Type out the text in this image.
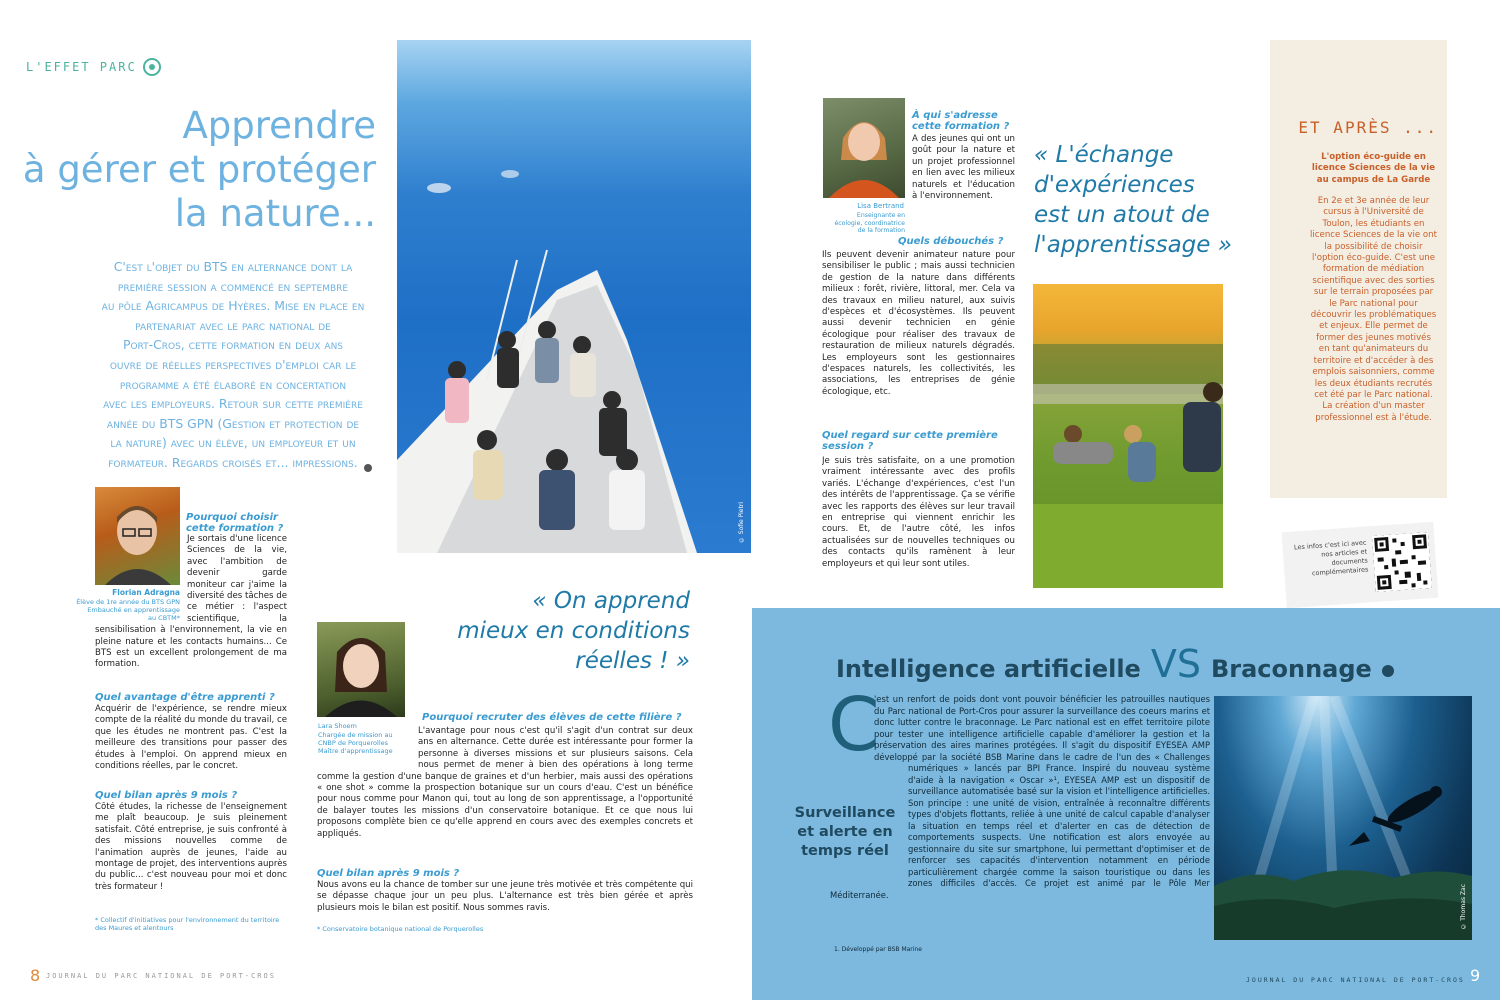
L'EFFET PARC
Apprendre
à gérer et protéger
la nature...
C'est l'objet du BTS en alternance dont la
première session a commencé en septembre
au pôle Agricampus de Hyères. Mise en place en
partenariat avec le parc national de
Port-Cros, cette formation en deux ans
ouvre de réelles perspectives d'emploi car le
programme a été élaboré en concertation
avec les employeurs. Retour sur cette première
année du BTS GPN (Gestion et protection de
la nature) avec un élève, un employeur et un
formateur. Regards croisés et... impressions.
© Sofie Pietri
Florian Adragna
Élève de 1re année du BTS GPN
Embauché en apprentissage
au CBTM*
Pourquoi choisir cette formation ?
Je sortais d'une licence Sciences de la vie, avec l'ambition de devenir garde moniteur car j'aime la diversité des tâches de ce métier : l'aspect scientifique, la sensibilisation à l'environnement, la vie en pleine nature et les contacts humains... Ce BTS est un excellent prolongement de ma formation.
Quel avantage d'être apprenti ?
Acquérir de l'expérience, se rendre mieux compte de la réalité du monde du travail, ce que les études ne montrent pas. C'est la meilleure des transitions pour passer des études à l'emploi. On apprend mieux en conditions réelles, par le concret.
Quel bilan après 9 mois ?
Côté études, la richesse de l'enseignement me plaît beaucoup. Je suis pleinement satisfait. Côté entreprise, je suis confronté à des missions nouvelles comme de l'animation auprès de jeunes, l'aide au montage de projet, des interventions auprès du public... c'est nouveau pour moi et donc très formateur !
* Collectif d'initiatives pour l'environnement du territoire des Maures et alentours
« On apprend
mieux en conditions
réelles ! »
Lara Shoem
Chargée de mission au
CNBP de Porquerolles
Maître d'apprentissage
Pourquoi recruter des élèves de cette filière ?
L'avantage pour nous c'est qu'il s'agit d'un contrat sur deux ans en alternance. Cette durée est intéressante pour former la personne à diverses missions et sur plusieurs saisons. Cela nous permet de mener à bien des opérations à long terme comme la gestion d'une banque de graines et d'un herbier, mais aussi des opérations « one shot » comme la prospection botanique sur un cours d'eau. C'est un bénéfice pour nous comme pour Manon qui, tout au long de son apprentissage, a l'opportunité de balayer toutes les missions d'un conservatoire botanique. Et ce que nous lui proposons complète bien ce qu'elle apprend en cours avec des exemples concrets et appliqués.
Quel bilan après 9 mois ?
Nous avons eu la chance de tomber sur une jeune très motivée et très compétente qui se dépasse chaque jour un peu plus. L'alternance est très bien gérée et après plusieurs mois le bilan est positif. Nous sommes ravis.
* Conservatoire botanique national de Porquerolles
8 JOURNAL DU PARC NATIONAL DE PORT-CROS
Lisa Bertrand
Enseignante en
écologie, coordinatrice
de la formation
À qui s'adresse cette formation ?
À des jeunes qui ont un goût pour la nature et un projet professionnel en lien avec les milieux naturels et l'éducation à l'environnement.
Quels débouchés ?
Ils peuvent devenir animateur nature pour sensibiliser le public ; mais aussi technicien de gestion de la nature dans différents milieux : forêt, rivière, littoral, mer. Cela va des travaux en milieu naturel, aux suivis d'espèces et d'écosystèmes. Ils peuvent aussi devenir technicien en génie écologique pour réaliser des travaux de restauration de milieux naturels dégradés. Les employeurs sont les gestionnaires d'espaces naturels, les collectivités, les associations, les entreprises de génie écologique, etc.
Quel regard sur cette première session ?
Je suis très satisfaite, on a une promotion vraiment intéressante avec des profils variés. L'échange d'expériences, c'est l'un des intérêts de l'apprentissage. Ça se vérifie avec les rapports des élèves sur leur travail en entreprise qui viennent enrichir les cours. Et, de l'autre côté, les infos actualisées sur de nouvelles techniques ou des contacts qu'ils ramènent à leur employeurs et qui leur sont utiles.
« L'échange
d'expériences
est un atout de
l'apprentissage »
ET APRÈS ...
L'option éco-guide en licence Sciences de la vie au campus de La Garde
En 2e et 3e année de leur cursus à l'Université de Toulon, les étudiants en licence Sciences de la vie ont la possibilité de choisir l'option éco-guide. C'est une formation de médiation scientifique avec des sorties sur le terrain proposées par le Parc national pour découvrir les problématiques et enjeux. Elle permet de former des jeunes motivés en tant qu'animateurs du territoire et d'accéder à des emplois saisonniers, comme les deux étudiants recrutés cet été par le Parc national. La création d'un master professionnel est à l'étude.
Les infos c'est ici avec nos articles et documents complémentaires
Intelligence artificielle VS Braconnage
C
'est un renfort de poids dont vont pouvoir bénéficier les patrouilles nautiques du Parc national de Port-Cros pour assurer la surveillance des coeurs marins et donc lutter contre le braconnage. Le Parc national est en effet territoire pilote pour tester une intelligence artificielle capable d'améliorer la gestion et la préservation des aires marines protégées. Il s'agit du dispositif EYESEA AMP développé par la société BSB Marine dans le cadre de l'un des « Challenges numériques » lancés par BPI France. Inspiré du nouveau système d'aide à la navigation « Oscar »¹, EYESEA AMP est un dispositif de surveillance automatisée basé sur la vision et l'intelligence artificielles. Son principe : une unité de vision, entraînée à reconnaître différents types d'objets flottants, reliée à une unité de calcul capable d'analyser la situation en temps réel et d'alerter en cas de détection de comportements suspects. Une notification est alors envoyée au gestionnaire du site sur smartphone, lui permettant d'optimiser et de renforcer ses capacités d'intervention notamment en période particulièrement chargée comme la saison touristique ou dans les zones difficiles d'accès. Ce projet est animé par le Pôle Mer Méditerranée.
Surveillance
et alerte en
temps réel
1. Développé par BSB Marine
© Thomas Zac
JOURNAL DU PARC NATIONAL DE PORT-CROS 9
